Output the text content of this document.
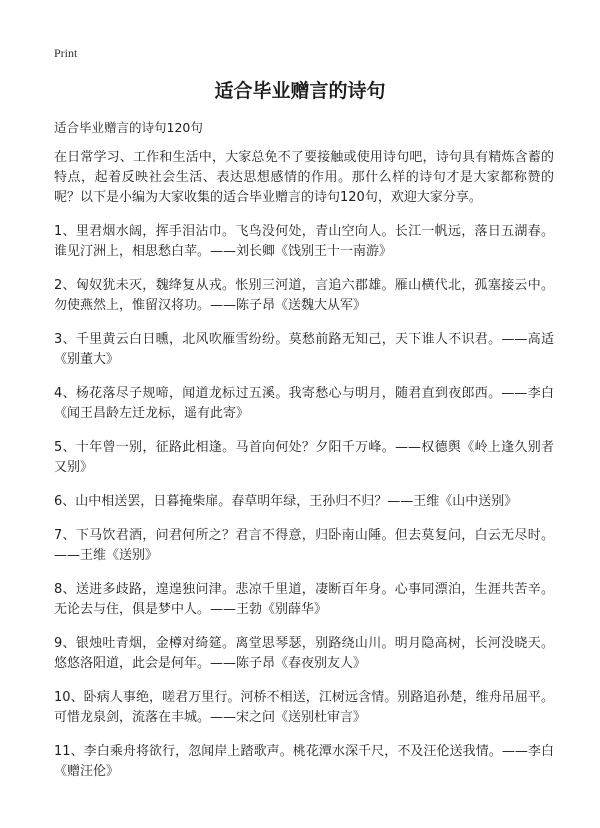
Print
适合毕业赠言的诗句
适合毕业赠言的诗句120句

在日常学习、工作和生活中，大家总免不了要接触或使用诗句吧，诗句具有精炼含蓄的特点，起着反映社会生活、表达思想感情的作用。那什么样的诗句才是大家都称赞的呢？以下是小编为大家收集的适合毕业赠言的诗句120句，欢迎大家分享。

1、里君烟水阔，挥手泪沾巾。飞鸟没何处，青山空向人。长江一帆远，落日五湖春。谁见汀洲上，相思愁白苹。——刘长卿《饯别王十一南游》
2、匈奴犹未灭，魏绛复从戎。怅别三河道，言追六郡雄。雁山横代北，孤塞接云中。勿使燕然上，惟留汉将功。——陈子昂《送魏大从军》
3、千里黄云白日曛，北风吹雁雪纷纷。莫愁前路无知己，天下谁人不识君。——高适《别董大》
4、杨花落尽子规啼，闻道龙标过五溪。我寄愁心与明月，随君直到夜郎西。——李白《闻王昌龄左迁龙标，遥有此寄》
5、十年曾一别，征路此相逢。马首向何处？夕阳千万峰。——权德舆《岭上逢久别者又别》
6、山中相送罢，日暮掩柴扉。春草明年绿，王孙归不归？——王维《山中送别》
7、下马饮君酒，问君何所之？君言不得意，归卧南山陲。但去莫复问，白云无尽时。——王维《送别》
8、送进多歧路，遑遑独问津。悲凉千里道，凄断百年身。心事同漂泊，生涯共苦辛。无论去与住，俱是梦中人。——王勃《别薛华》
9、银烛吐青烟，金樽对绮筵。离堂思琴瑟，别路绕山川。明月隐高树，长河没晓天。悠悠洛阳道，此会是何年。——陈子昂《春夜别友人》
10、卧病人事绝，嗟君万里行。河桥不相送，江树远含情。别路追孙楚，维舟吊屈平。可惜龙泉剑，流落在丰城。——宋之问《送别杜审言》
11、李白乘舟将欲行，忽闻岸上踏歌声。桃花潭水深千尺，不及汪伦送我情。——李白《赠汪伦》
